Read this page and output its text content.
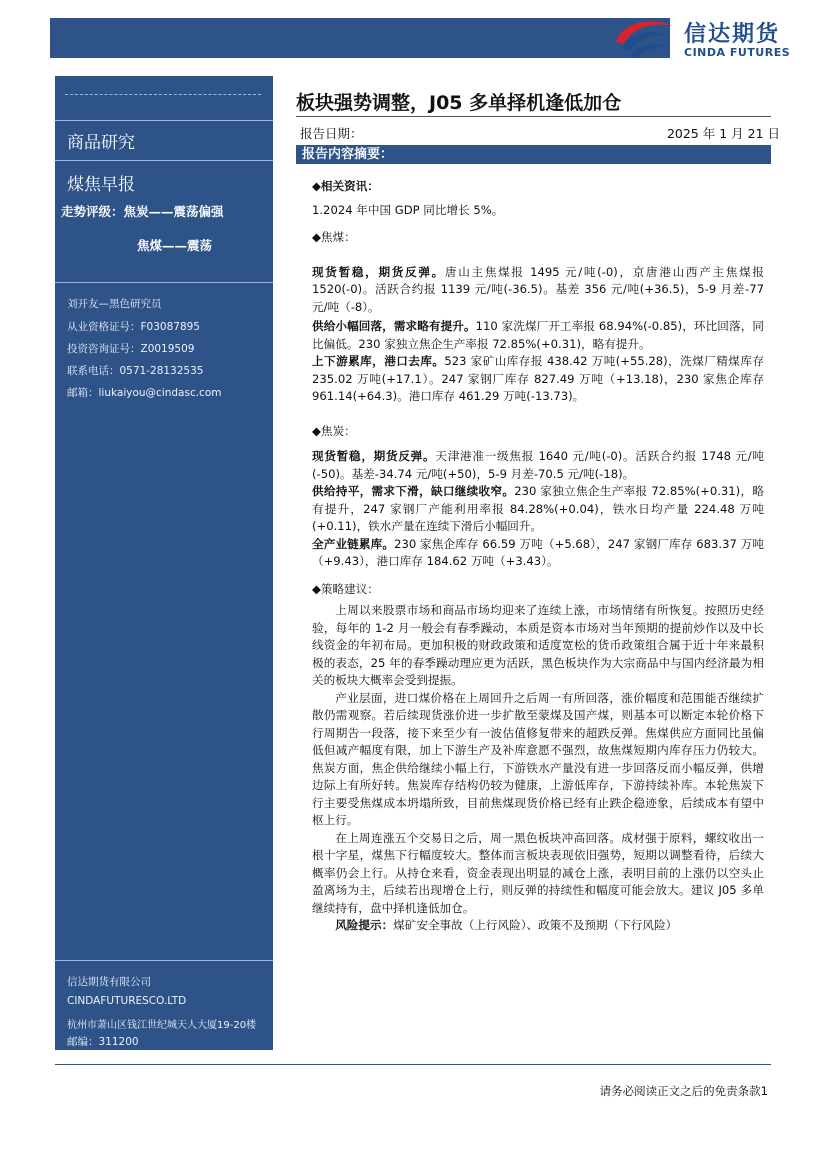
信达期货
CINDA FUTURES
商品研究
煤焦早报
走势评级：焦炭——震荡偏强
焦煤——震荡
刘开友—黑色研究员
从业资格证号：F03087895
投资咨询证号：Z0019509
联系电话：0571-28132535
邮箱：liukaiyou@cindasc.com
信达期货有限公司
CINDAFUTURESCO.LTD
杭州市萧山区钱江世纪城天人大厦19-20楼
邮编：311200
板块强势调整，J05 多单择机逢低加仓
报告日期：	2025 年 1 月 21 日
报告内容摘要：

◆相关资讯：

1.2024 年中国 GDP 同比增长 5%。

◆焦煤：

现货暂稳，期货反弹。唐山主焦煤报 1495 元/吨(-0)，京唐港山西产主焦煤报 1520(-0)。活跃合约报 1139 元/吨(-36.5)。基差 356 元/吨(+36.5)，5-9 月差-77 元/吨（-8）。

供给小幅回落，需求略有提升。110 家洗煤厂开工率报 68.94%(-0.85)，环比回落，同比偏低。230 家独立焦企生产率报 72.85%(+0.31)，略有提升。

上下游累库，港口去库。523 家矿山库存报 438.42 万吨(+55.28)，洗煤厂精煤库存 235.02 万吨(+17.1）。247 家钢厂库存 827.49 万吨（+13.18)，230 家焦企库存 961.14(+64.3)。港口库存 461.29 万吨(-13.73)。

◆焦炭：

现货暂稳，期货反弹。天津港准一级焦报 1640 元/吨(-0)。活跃合约报 1748 元/吨(-50)。基差-34.74 元/吨(+50)，5-9 月差-70.5 元/吨(-18)。

供给持平，需求下滑，缺口继续收窄。230 家独立焦企生产率报 72.85%(+0.31)，略有提升，247 家钢厂产能利用率报 84.28%(+0.04)，铁水日均产量 224.48 万吨(+0.11)，铁水产量在连续下滑后小幅回升。

全产业链累库。230 家焦企库存 66.59 万吨（+5.68），247 家钢厂库存 683.37 万吨（+9.43），港口库存 184.62 万吨（+3.43）。

◆策略建议：

上周以来股票市场和商品市场均迎来了连续上涨，市场情绪有所恢复。按照历史经验，每年的 1-2 月一般会有春季躁动，本质是资本市场对当年预期的提前炒作以及中长线资金的年初布局。更加积极的财政政策和适度宽松的货币政策组合属于近十年来最积极的表态，25 年的春季躁动理应更为活跃，黑色板块作为大宗商品中与国内经济最为相关的板块大概率会受到提振。

产业层面，进口煤价格在上周回升之后周一有所回落，涨价幅度和范围能否继续扩散仍需观察。若后续现货涨价进一步扩散至蒙煤及国产煤，则基本可以断定本轮价格下行周期告一段落，接下来至少有一波估值修复带来的超跌反弹。焦煤供应方面同比虽偏低但减产幅度有限，加上下游生产及补库意愿不强烈，故焦煤短期内库存压力仍较大。焦炭方面，焦企供给继续小幅上行，下游铁水产量没有进一步回落反而小幅反弹，供增边际上有所好转。焦炭库存结构仍较为健康，上游低库存，下游持续补库。本轮焦炭下行主要受焦煤成本坍塌所致，目前焦煤现货价格已经有止跌企稳迹象，后续成本有望中枢上行。

在上周连涨五个交易日之后，周一黑色板块冲高回落。成材强于原料，螺纹收出一根十字星，煤焦下行幅度较大。整体而言板块表现依旧强势，短期以调整看待，后续大概率仍会上行。从持仓来看，资金表现出明显的减仓上涨，表明目前的上涨仍以空头止盈离场为主，后续若出现增仓上行，则反弹的持续性和幅度可能会放大。建议 J05 多单继续持有，盘中择机逢低加仓。

风险提示：煤矿安全事故（上行风险）、政策不及预期（下行风险）

请务必阅读正文之后的免责条款1
